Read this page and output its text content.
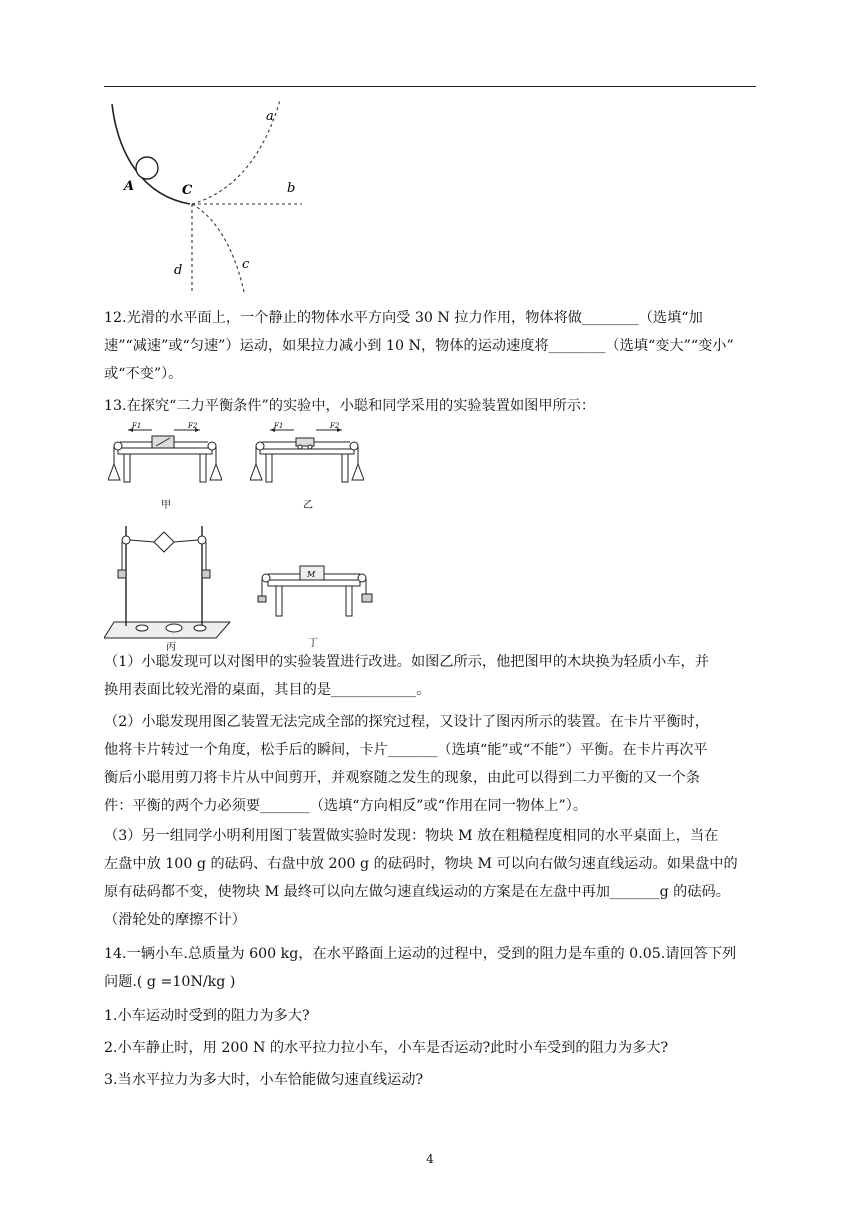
a
b
c
d
A	C
12.光滑的水平面上，一个静止的物体水平方向受 30 N 拉力作用，物体将做________（选填“加
速”“减速”或“匀速”）运动，如果拉力减小到 10 N，物体的运动速度将________（选填“变大”“变小”
或“不变”）。
13.在探究“二力平衡条件”的实验中，小聪和同学采用的实验装置如图甲所示：
F1	F2
甲
F1	F2
乙
丙
M
丁
（1）小聪发现可以对图甲的实验装置进行改进。如图乙所示，他把图甲的木块换为轻质小车，并
换用表面比较光滑的桌面，其目的是____________。
（2）小聪发现用图乙装置无法完成全部的探究过程，又设计了图丙所示的装置。在卡片平衡时，
他将卡片转过一个角度，松手后的瞬间，卡片_______（选填“能”或“不能”）平衡。在卡片再次平
衡后小聪用剪刀将卡片从中间剪开，并观察随之发生的现象，由此可以得到二力平衡的又一个条
件：平衡的两个力必须要_______（选填“方向相反”或“作用在同一物体上”）。
（3）另一组同学小明利用图丁装置做实验时发现：物块 M 放在粗糙程度相同的水平桌面上，当在
左盘中放 100 g 的砝码、右盘中放 200 g 的砝码时，物块 M 可以向右做匀速直线运动。如果盘中的
原有砝码都不变，使物块 M 最终可以向左做匀速直线运动的方案是在左盘中再加_______g 的砝码。
（滑轮处的摩擦不计）
14.一辆小车.总质量为 600 kg，在水平路面上运动的过程中，受到的阻力是车重的 0.05.请回答下列
问题.( g =10N/kg )
1.小车运动时受到的阻力为多大?
2.小车静止时，用 200 N 的水平拉力拉小车，小车是否运动?此时小车受到的阻力为多大?
3.当水平拉力为多大时，小车恰能做匀速直线运动?
4
